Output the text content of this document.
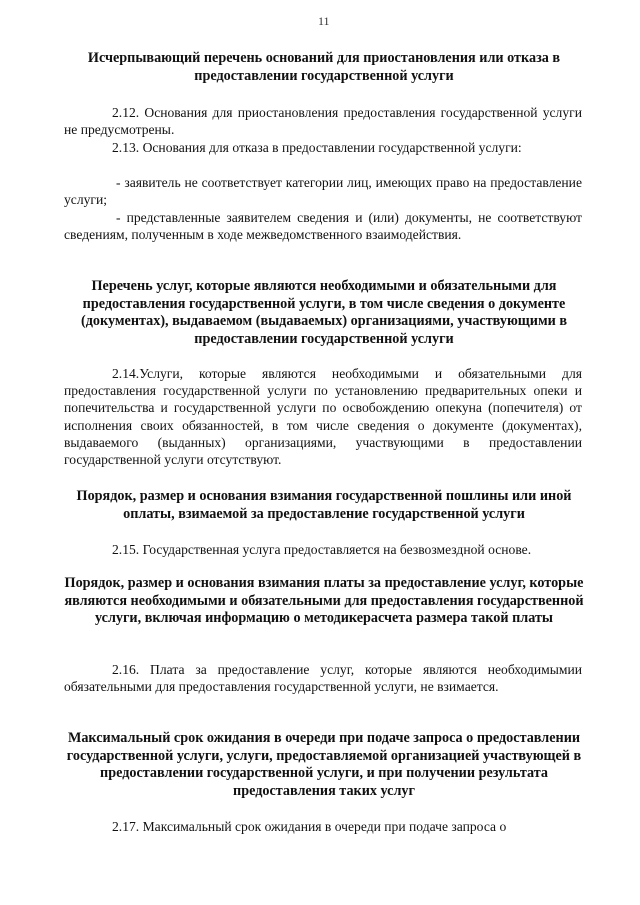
11
Исчерпывающий перечень оснований для приостановления или отказа в предоставлении государственной услуги

2.12. Основания для приостановления предоставления государственной услуги не предусмотрены.

2.13. Основания для отказа в предоставлении государственной услуги:

- заявитель не соответствует категории лиц, имеющих право на предоставление услуги;

- представленные заявителем сведения и (или) документы, не соответствуют сведениям, полученным в ходе межведомственного взаимодействия.

Перечень услуг, которые являются необходимыми и обязательными для предоставления государственной услуги, в том числе сведения о документе (документах), выдаваемом (выдаваемых) организациями, участвующими в предоставлении государственной услуги

2.14.Услуги, которые являются необходимыми и обязательными для предоставления государственной услуги по установлению предварительных опеки и попечительства и государственной услуги по освобождению опекуна (попечителя) от исполнения своих обязанностей, в том числе сведения о документе (документах), выдаваемого (выданных) организациями, участвующими в предоставлении государственной услуги отсутствуют.

Порядок, размер и основания взимания государственной пошлины или иной оплаты, взимаемой за предоставление государственной услуги

2.15. Государственная услуга предоставляется на безвозмездной основе.

Порядок, размер и основания взимания платы за предоставление услуг, которые являются необходимыми и обязательными для предоставления государственной услуги, включая информацию о методикерасчета размера такой платы

2.16. Плата за предоставление услуг, которые являются необходимымии обязательными для предоставления государственной услуги, не взимается.

Максимальный срок ожидания в очереди при подаче запроса о предоставлении государственной услуги, услуги, предоставляемой организацией участвующей в предоставлении государственной услуги, и при получении результата предоставления таких услуг

2.17. Максимальный срок ожидания в очереди при подаче запроса о
